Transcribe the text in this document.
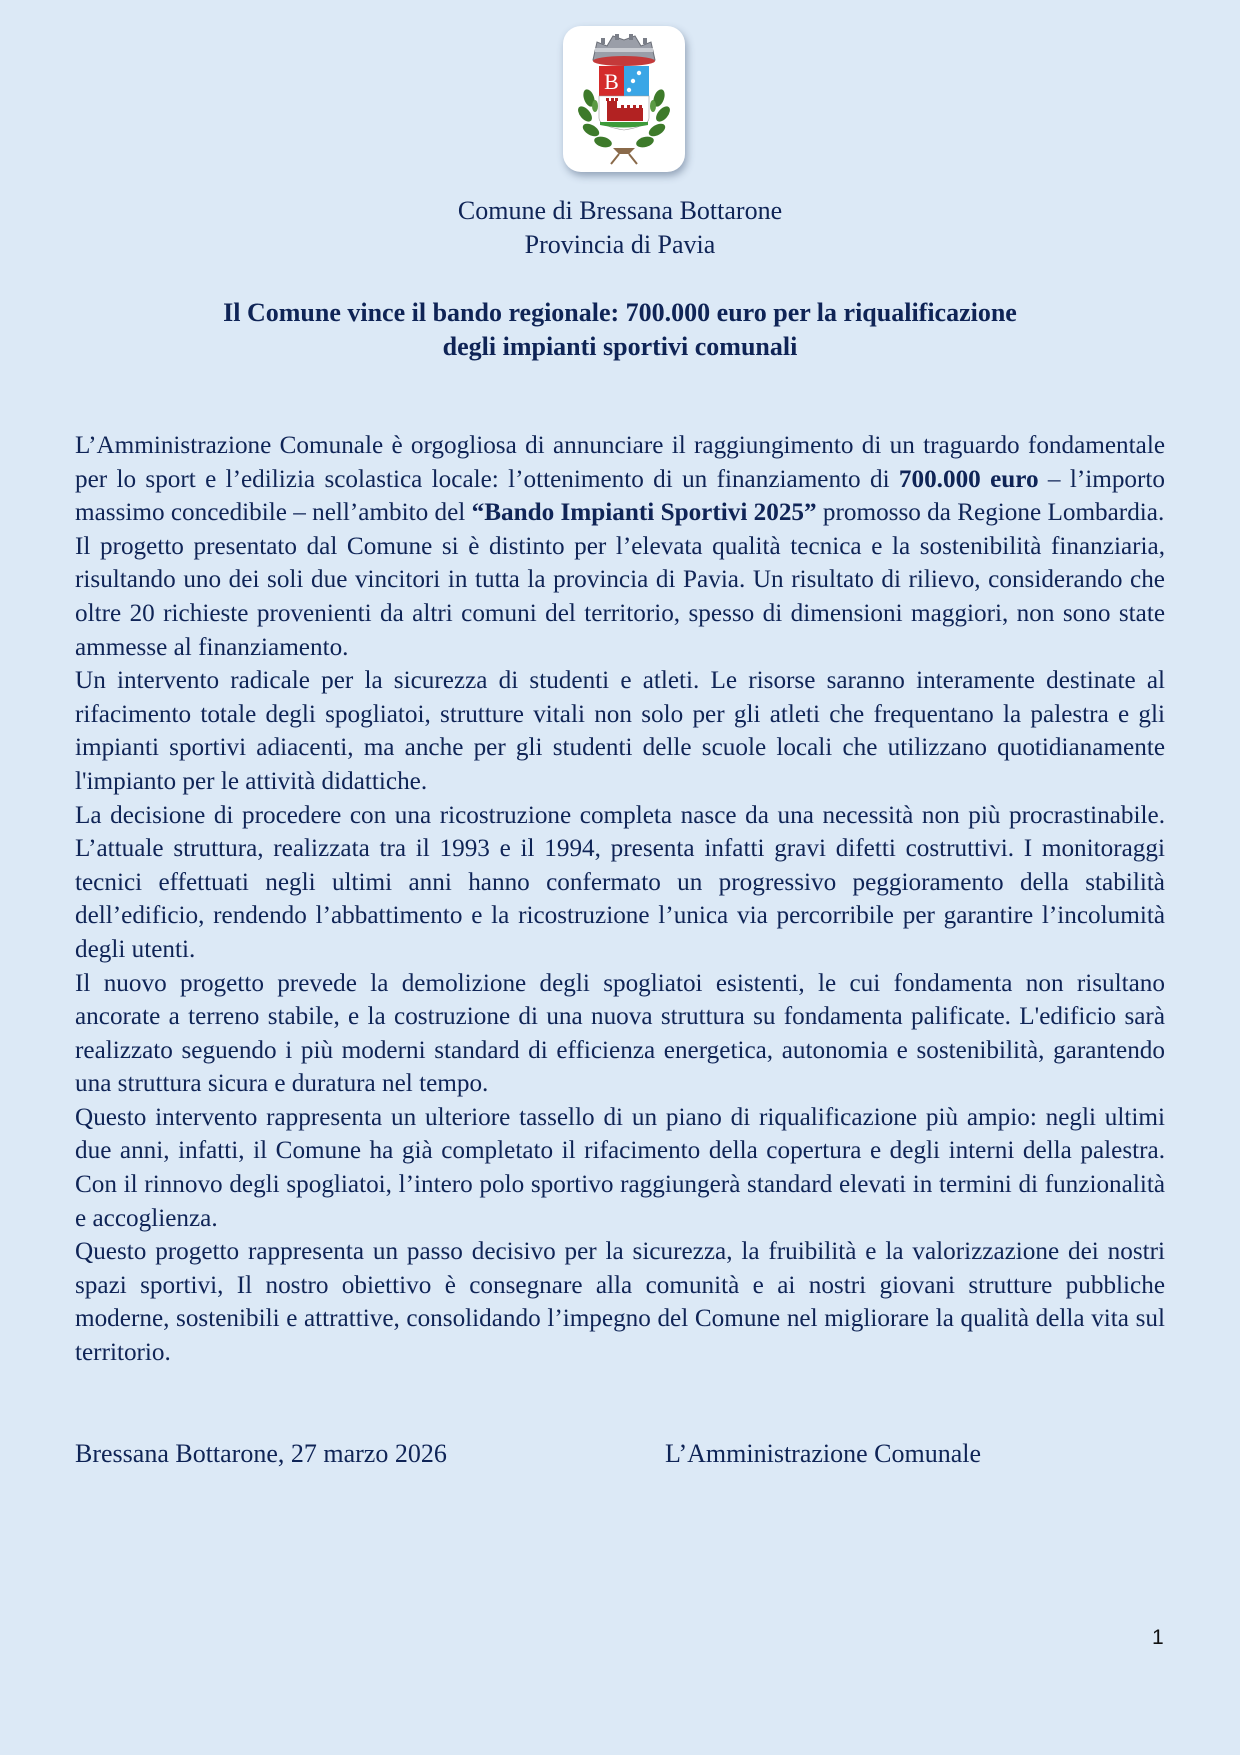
B
Comune di Bressana Bottarone
Provincia di Pavia
Il Comune vince il bando regionale: 700.000 euro per la riqualificazione
degli impianti sportivi comunali

L’Amministrazione Comunale è orgogliosa di annunciare il raggiungimento di un traguardo fondamentale per lo sport e l’edilizia scolastica locale: l’ottenimento di un finanziamento di 700.000 euro – l’importo massimo concedibile – nell’ambito del “Bando Impianti Sportivi 2025” promosso da Regione Lombardia.

Il progetto presentato dal Comune si è distinto per l’elevata qualità tecnica e la sostenibilità finanziaria, risultando uno dei soli due vincitori in tutta la provincia di Pavia. Un risultato di rilievo, considerando che oltre 20 richieste provenienti da altri comuni del territorio, spesso di dimensioni maggiori, non sono state ammesse al finanziamento.

Un intervento radicale per la sicurezza di studenti e atleti. Le risorse saranno interamente destinate al rifacimento totale degli spogliatoi, strutture vitali non solo per gli atleti che frequentano la palestra e gli impianti sportivi adiacenti, ma anche per gli studenti delle scuole locali che utilizzano quotidianamente l'impianto per le attività didattiche.

La decisione di procedere con una ricostruzione completa nasce da una necessità non più procrastinabile. L’attuale struttura, realizzata tra il 1993 e il 1994, presenta infatti gravi difetti costruttivi. I monitoraggi tecnici effettuati negli ultimi anni hanno confermato un progressivo peggioramento della stabilità dell’edificio, rendendo l’abbattimento e la ricostruzione l’unica via percorribile per garantire l’incolumità degli utenti.

Il nuovo progetto prevede la demolizione degli spogliatoi esistenti, le cui fondamenta non risultano ancorate a terreno stabile, e la costruzione di una nuova struttura su fondamenta palificate. L'edificio sarà realizzato seguendo i più moderni standard di efficienza energetica, autonomia e sostenibilità, garantendo una struttura sicura e duratura nel tempo.

Questo intervento rappresenta un ulteriore tassello di un piano di riqualificazione più ampio: negli ultimi due anni, infatti, il Comune ha già completato il rifacimento della copertura e degli interni della palestra. Con il rinnovo degli spogliatoi, l’intero polo sportivo raggiungerà standard elevati in termini di funzionalità e accoglienza.

Questo progetto rappresenta un passo decisivo per la sicurezza, la fruibilità e la valorizzazione dei nostri spazi sportivi, Il nostro obiettivo è consegnare alla comunità e ai nostri giovani strutture pubbliche moderne, sostenibili e attrattive, consolidando l’impegno del Comune nel migliorare la qualità della vita sul territorio.

Bressana Bottarone, 27 marzo 2026	L’Amministrazione Comunale
1
